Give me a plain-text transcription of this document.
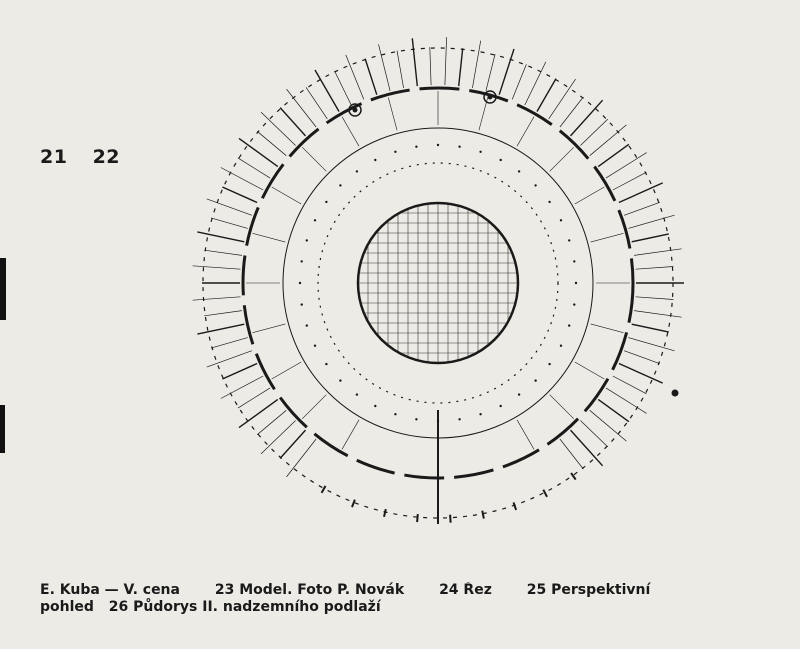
21 22
E. Kuba — V. cena 23 Model. Foto P. Novák 24 Řez 25 Perspektivní
pohled 26 Půdorys II. nadzemního podlaží
